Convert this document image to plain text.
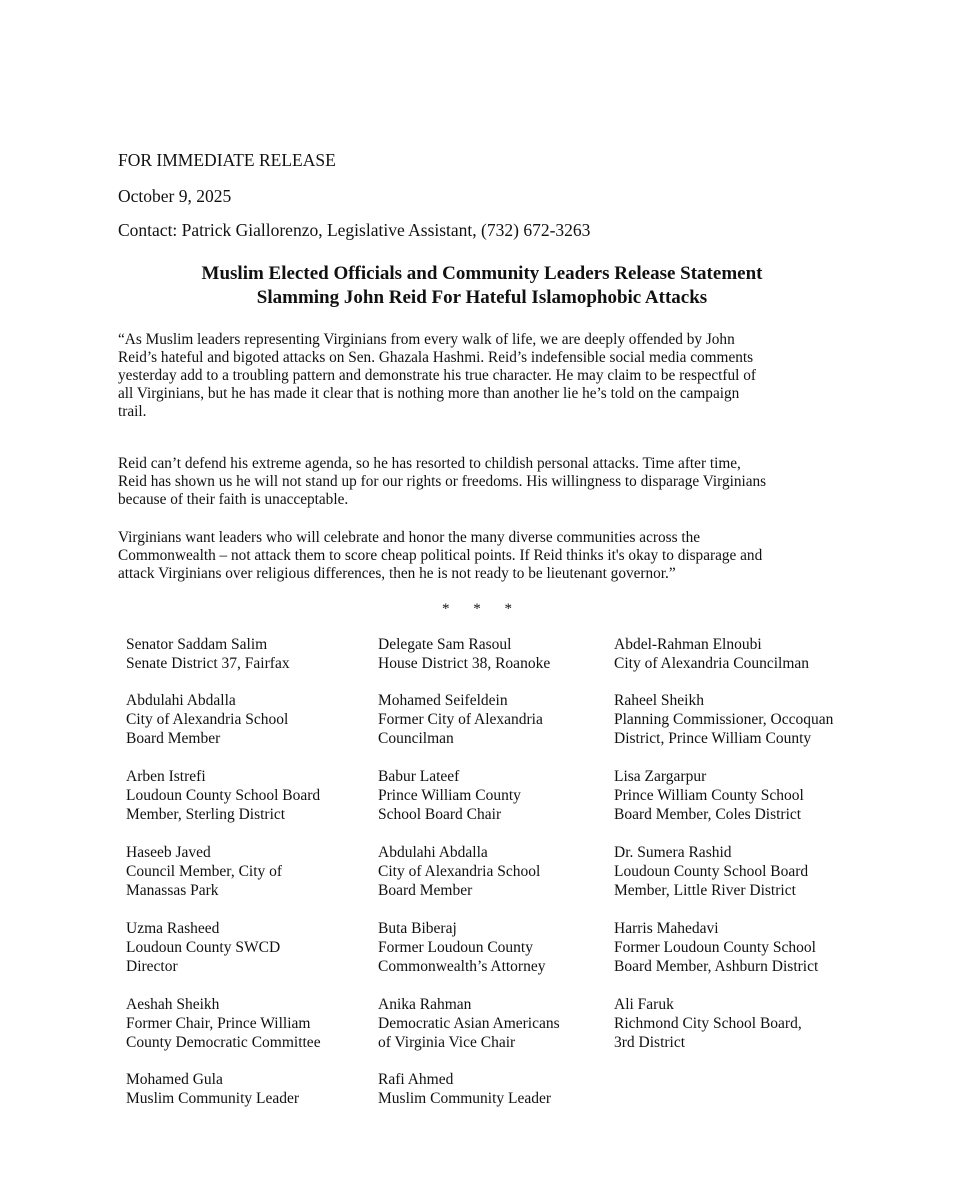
FOR IMMEDIATE RELEASE
October 9, 2025
Contact: Patrick Giallorenzo, Legislative Assistant, (732) 672-3263
Muslim Elected Officials and Community Leaders Release Statement
Slamming John Reid For Hateful Islamophobic Attacks
“As Muslim leaders representing Virginians from every walk of life, we are deeply offended by John
Reid’s hateful and bigoted attacks on Sen. Ghazala Hashmi. Reid’s indefensible social media comments
yesterday add to a troubling pattern and demonstrate his true character. He may claim to be respectful of
all Virginians, but he has made it clear that is nothing more than another lie he’s told on the campaign
trail.
Reid can’t defend his extreme agenda, so he has resorted to childish personal attacks. Time after time,
Reid has shown us he will not stand up for our rights or freedoms. His willingness to disparage Virginians
because of their faith is unacceptable.
Virginians want leaders who will celebrate and honor the many diverse communities across the
Commonwealth – not attack them to score cheap political points. If Reid thinks it's okay to disparage and
attack Virginians over religious differences, then he is not ready to be lieutenant governor.”
* * *
Senator Saddam Salim
Senate District 37, Fairfax
Delegate Sam Rasoul
House District 38, Roanoke
Abdel-Rahman Elnoubi
City of Alexandria Councilman
Abdulahi Abdalla
City of Alexandria School
Board Member
Mohamed Seifeldein
Former City of Alexandria
Councilman
Raheel Sheikh
Planning Commissioner, Occoquan
District, Prince William County
Arben Istrefi
Loudoun County School Board
Member, Sterling District
Babur Lateef
Prince William County
School Board Chair
Lisa Zargarpur
Prince William County School
Board Member, Coles District
Haseeb Javed
Council Member, City of
Manassas Park
Abdulahi Abdalla
City of Alexandria School
Board Member
Dr. Sumera Rashid
Loudoun County School Board
Member, Little River District
Uzma Rasheed
Loudoun County SWCD
Director
Buta Biberaj
Former Loudoun County
Commonwealth’s Attorney
Harris Mahedavi
Former Loudoun County School
Board Member, Ashburn District
Aeshah Sheikh
Former Chair, Prince William
County Democratic Committee
Anika Rahman
Democratic Asian Americans
of Virginia Vice Chair
Ali Faruk
Richmond City School Board,
3rd District
Mohamed Gula
Muslim Community Leader
Rafi Ahmed
Muslim Community Leader
